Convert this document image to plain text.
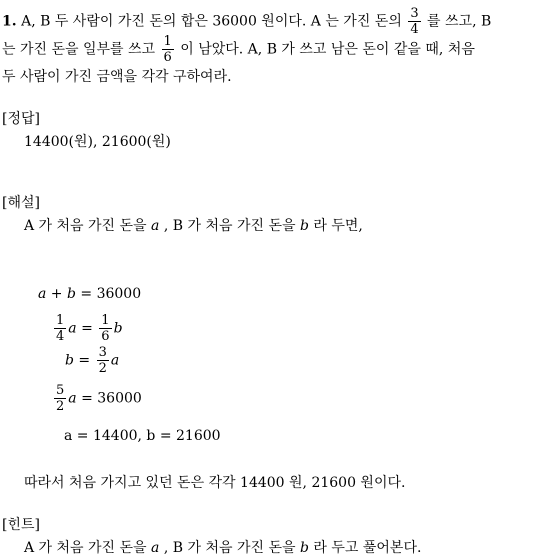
1. A, B 두 사람이 가진 돈의 합은 36000 원이다. A 는 가진 돈의 $\frac{3}{4}$ 를 쓰고, B
는 가진 돈을 일부를 쓰고 $\frac{1}{6}$ 이 남았다. A, B 가 쓰고 남은 돈이 같을 때, 처음
두 사람이 가진 금액을 각각 구하여라.
[정답]
14400(원), 21600(원)
[해설]
A 가 처음 가진 돈을 a , B 가 처음 가진 돈을 b 라 두면,
a + b = 36000
$\frac{1}{4}$ $a = \frac{1}{6}$ b
$b = \frac{3}{2}$ a
$\frac{5}{2}$ a = 36000
a = 14400, b = 21600
따라서 처음 가지고 있던 돈은 각각 14400 원, 21600 원이다.
[힌트]
A 가 처음 가진 돈을 a , B 가 처음 가진 돈을 b 라 두고 풀어본다.
